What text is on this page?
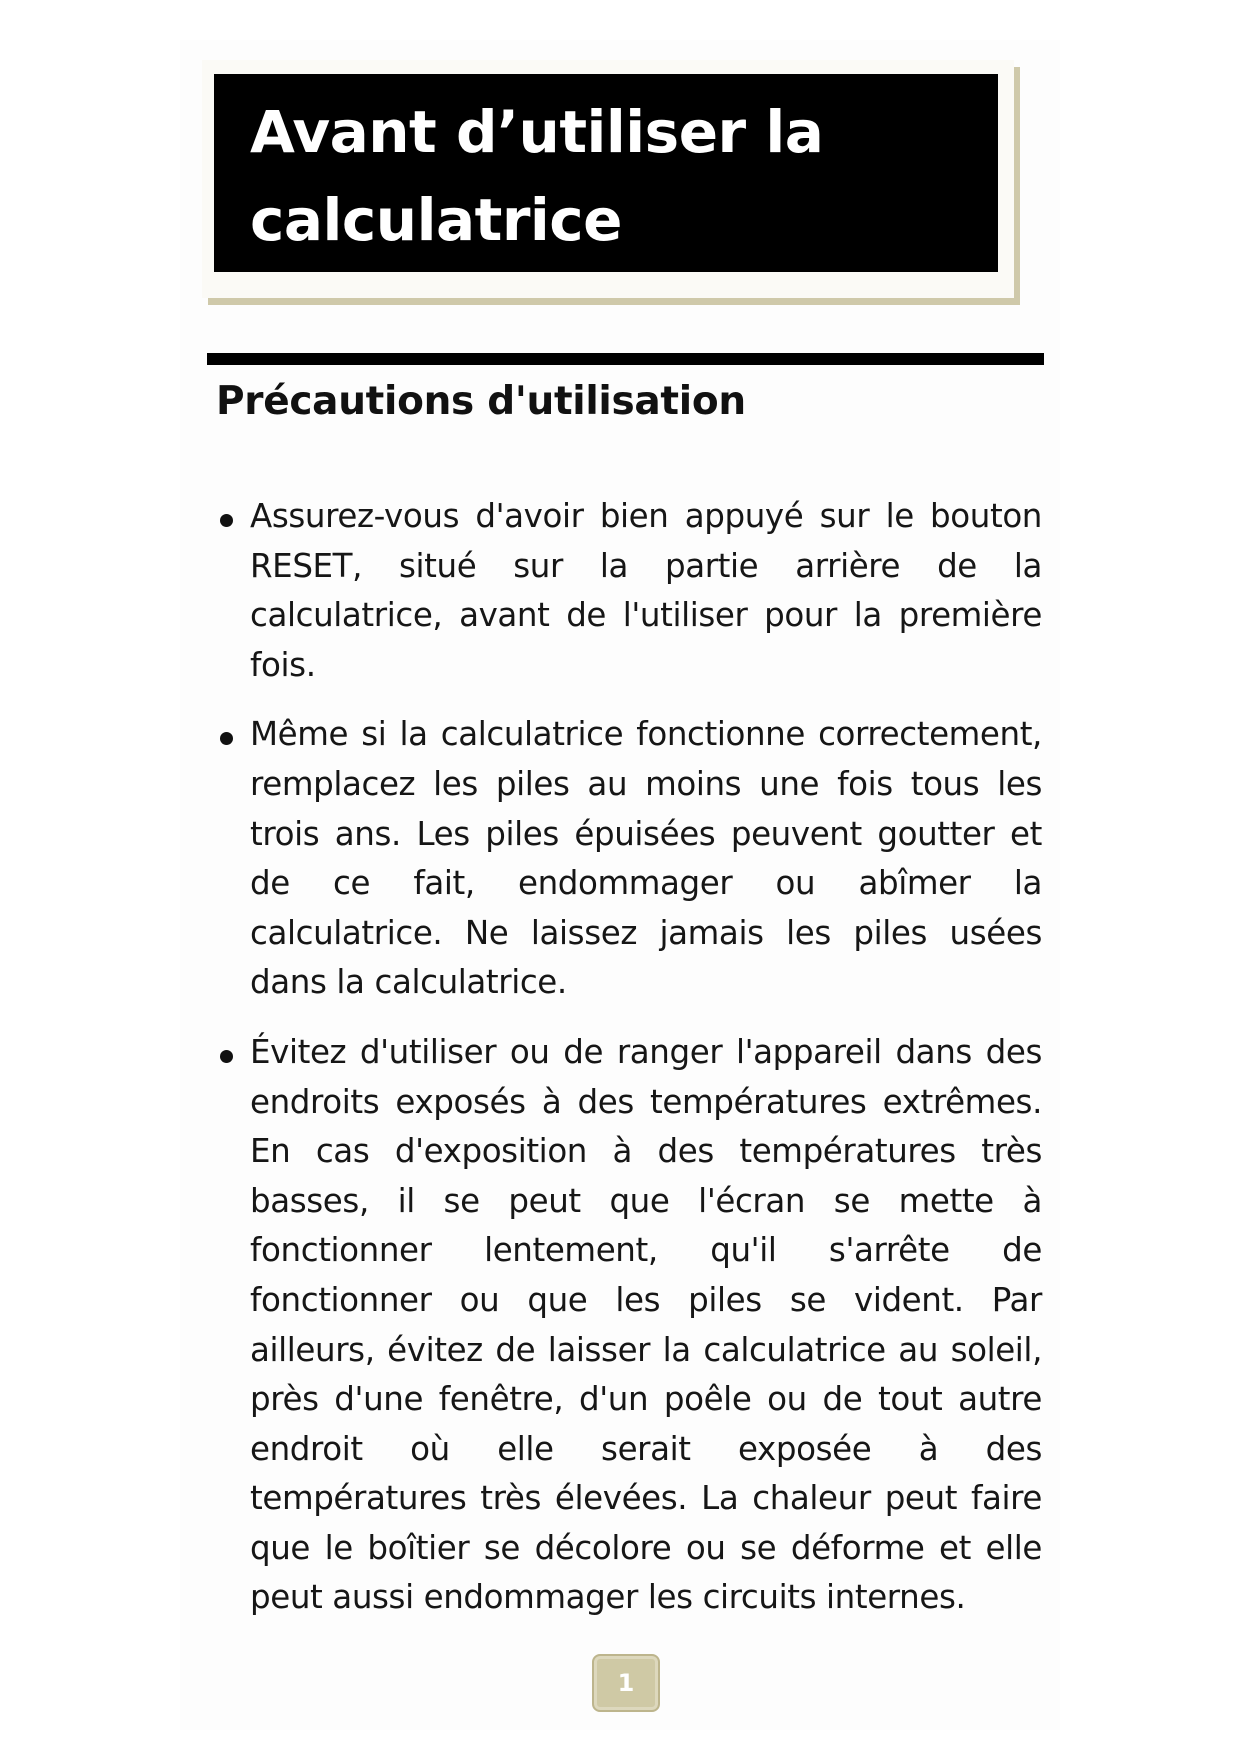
Avant d’utiliser la calculatrice
Précautions d'utilisation
Assurez-vous d'avoir bien appuyé sur le bouton RESET, situé sur la partie arrière de la calculatrice, avant de l'utiliser pour la première fois.
Même si la calculatrice fonctionne correctement, remplacez les piles au moins une fois tous les trois ans. Les piles épuisées peuvent goutter et de ce fait, endommager ou abîmer la calculatrice. Ne laissez jamais les piles usées dans la calculatrice.
Évitez d'utiliser ou de ranger l'appareil dans des endroits exposés à des températures extrêmes. En cas d'exposition à des températures très basses, il se peut que l'écran se mette à fonctionner lentement, qu'il s'arrête de fonctionner ou que les piles se vident. Par ailleurs, évitez de laisser la calculatrice au soleil, près d'une fenêtre, d'un poêle ou de tout autre endroit où elle serait exposée à des températures très élevées. La chaleur peut faire que le boîtier se décolore ou se déforme et elle peut aussi endommager les circuits internes.
1
